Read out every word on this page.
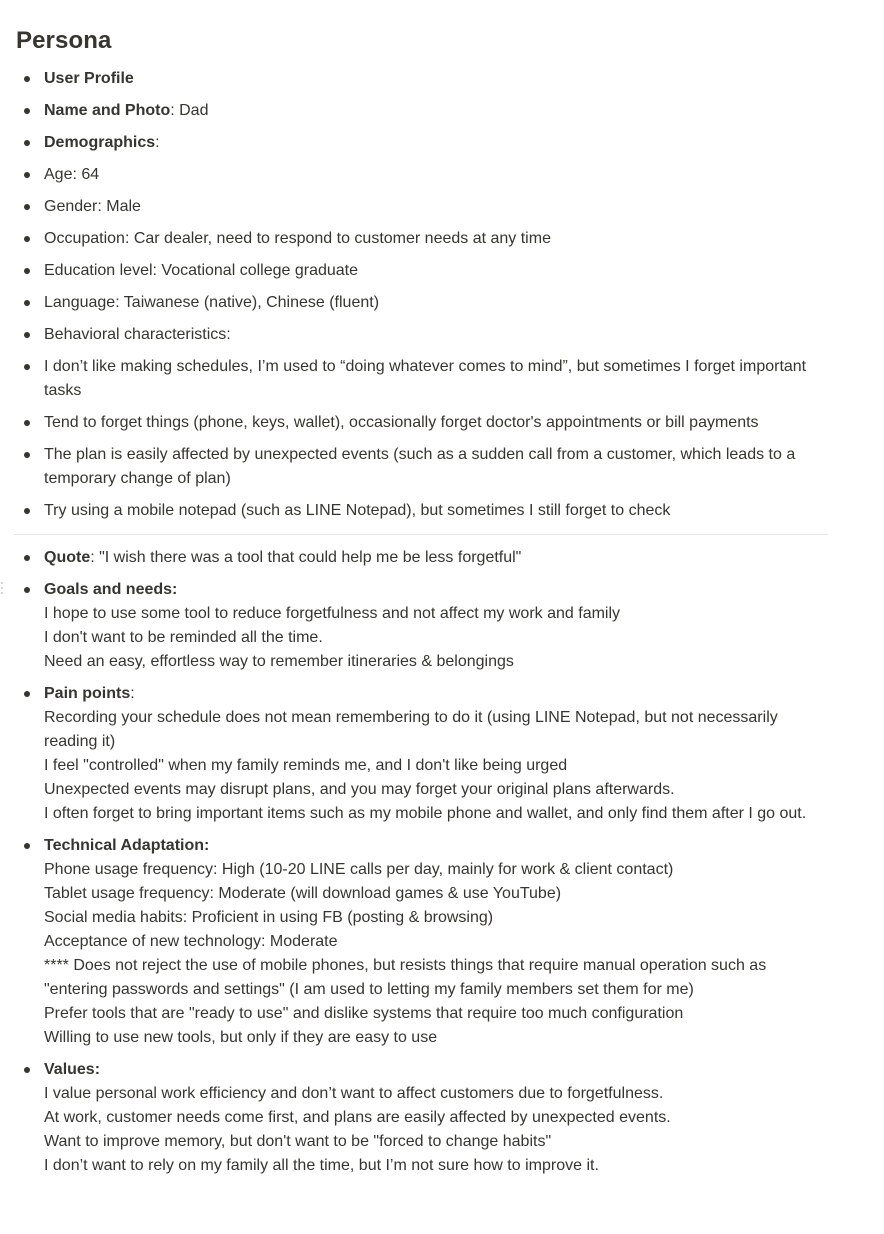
Persona
User Profile
Name and Photo: Dad
Demographics:
Age: 64
Gender: Male
Occupation: Car dealer, need to respond to customer needs at any time
Education level: Vocational college graduate
Language: Taiwanese (native), Chinese (fluent)
Behavioral characteristics:
I don’t like making schedules, I’m used to “doing whatever comes to mind”, but sometimes I forget important tasks
Tend to forget things (phone, keys, wallet), occasionally forget doctor's appointments or bill payments
The plan is easily affected by unexpected events (such as a sudden call from a customer, which leads to a temporary change of plan)
Try using a mobile notepad (such as LINE Notepad), but sometimes I still forget to check
Quote: "I wish there was a tool that could help me be less forgetful"
Goals and needs:
I hope to use some tool to reduce forgetfulness and not affect my work and family
I don't want to be reminded all the time.
Need an easy, effortless way to remember itineraries & belongings
Pain points:
Recording your schedule does not mean remembering to do it (using LINE Notepad, but not necessarily reading it)
I feel "controlled" when my family reminds me, and I don't like being urged
Unexpected events may disrupt plans, and you may forget your original plans afterwards.
I often forget to bring important items such as my mobile phone and wallet, and only find them after I go out.
Technical Adaptation:
Phone usage frequency: High (10-20 LINE calls per day, mainly for work & client contact)
Tablet usage frequency: Moderate (will download games & use YouTube)
Social media habits: Proficient in using FB (posting & browsing)
Acceptance of new technology: Moderate
**** Does not reject the use of mobile phones, but resists things that require manual operation such as "entering passwords and settings" (I am used to letting my family members set them for me)
Prefer tools that are "ready to use" and dislike systems that require too much configuration
Willing to use new tools, but only if they are easy to use
Values:
I value personal work efficiency and don’t want to affect customers due to forgetfulness.
At work, customer needs come first, and plans are easily affected by unexpected events.
Want to improve memory, but don't want to be "forced to change habits"
I don’t want to rely on my family all the time, but I’m not sure how to improve it.
